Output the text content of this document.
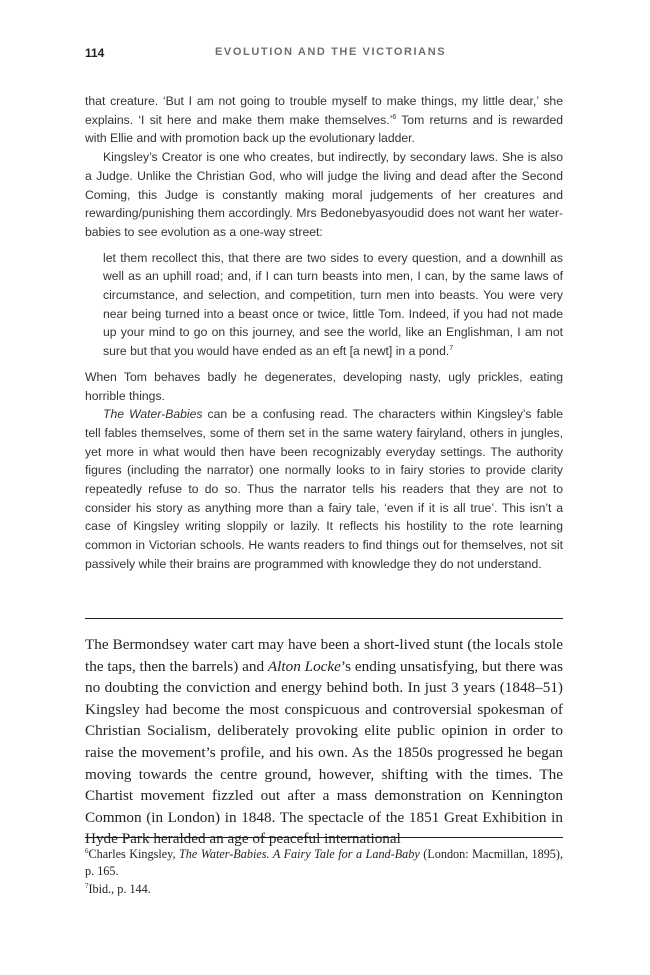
114	EVOLUTION AND THE VICTORIANS

that creature. ‘But I am not going to trouble myself to make things, my little dear,’ she explains. ‘I sit here and make them make themselves.’$^6$ Tom returns and is rewarded with Ellie and with promotion back up the evolutionary ladder.

Kingsley’s Creator is one who creates, but indirectly, by secondary laws. She is also a Judge. Unlike the Christian God, who will judge the living and dead after the Second Coming, this Judge is constantly making moral judgements of her creatures and rewarding/punishing them accordingly. Mrs Bedonebyasyoudid does not want her water-babies to see evolution as a one-way street:

let them recollect this, that there are two sides to every question, and a downhill as well as an uphill road; and, if I can turn beasts into men, I can, by the same laws of circumstance, and selection, and competition, turn men into beasts. You were very near being turned into a beast once or twice, little Tom. Indeed, if you had not made up your mind to go on this journey, and see the world, like an Englishman, I am not sure but that you would have ended as an eft [a newt] in a pond.$^7$

When Tom behaves badly he degenerates, developing nasty, ugly prickles, eating horrible things.

The Water-Babies can be a confusing read. The characters within Kingsley’s fable tell fables themselves, some of them set in the same watery fairyland, others in jungles, yet more in what would then have been recognizably everyday settings. The authority figures (including the narrator) one normally looks to in fairy stories to provide clarity repeatedly refuse to do so. Thus the narrator tells his readers that they are not to consider his story as anything more than a fairy tale, ‘even if it is all true’. This isn’t a case of Kingsley writing sloppily or lazily. It reflects his hostility to the rote learning common in Victorian schools. He wants readers to find things out for themselves, not sit passively while their brains are programmed with knowledge they do not understand.

The Bermondsey water cart may have been a short-lived stunt (the locals stole the taps, then the barrels) and Alton Locke’s ending unsatisfying, but there was no doubting the conviction and energy behind both. In just 3 years (1848–51) Kingsley had become the most conspicuous and controversial spokesman of Christian Socialism, deliberately provoking elite public opinion in order to raise the movement’s profile, and his own. As the 1850s progressed he began moving towards the centre ground, however, shifting with the times. The Chartist movement fizzled out after a mass demonstration on Kennington Common (in London) in 1848. The spectacle of the 1851 Great Exhibition in Hyde Park heralded an age of peaceful international

$^6$Charles Kingsley, The Water-Babies. A Fairy Tale for a Land-Baby (London: Macmillan, 1895), p. 165.

$^7$Ibid., p. 144.
